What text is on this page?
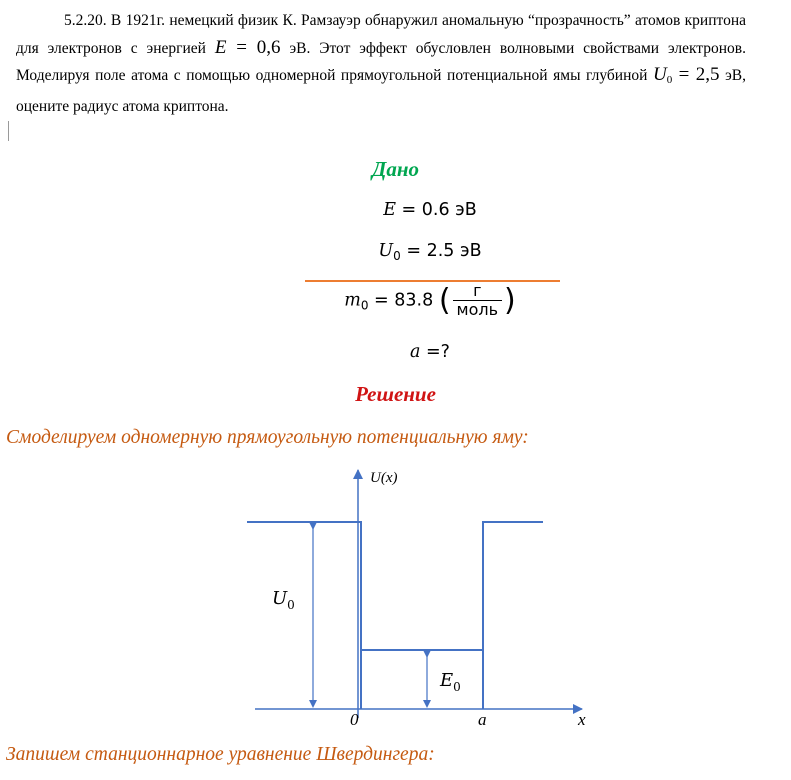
5.2.20. В 1921г. немецкий физик К. Рамзауэр обнаружил аномальную “прозрачность” атомов криптона для электронов с энергией E = 0,6 эВ. Этот эффект обусловлен волновыми свойствами электронов. Моделируя поле атома с помощью одномерной прямоугольной потенциальной ямы глубиной $U_0 = 2,5$ эВ, оцените радиус атома криптона.

Дано
E = 0.6 эВ
$U_0 = 2.5$ эВ
$m_0 = 83.8$ ( $\frac{г}{\text{моль}}$ )
a =?
Решение
Смоделируем одномерную прямоугольную потенциальную яму:
U(x)
x
0	a
$U_0$
$E_0$
Запишем станционнарное уравнение Швердингера:
